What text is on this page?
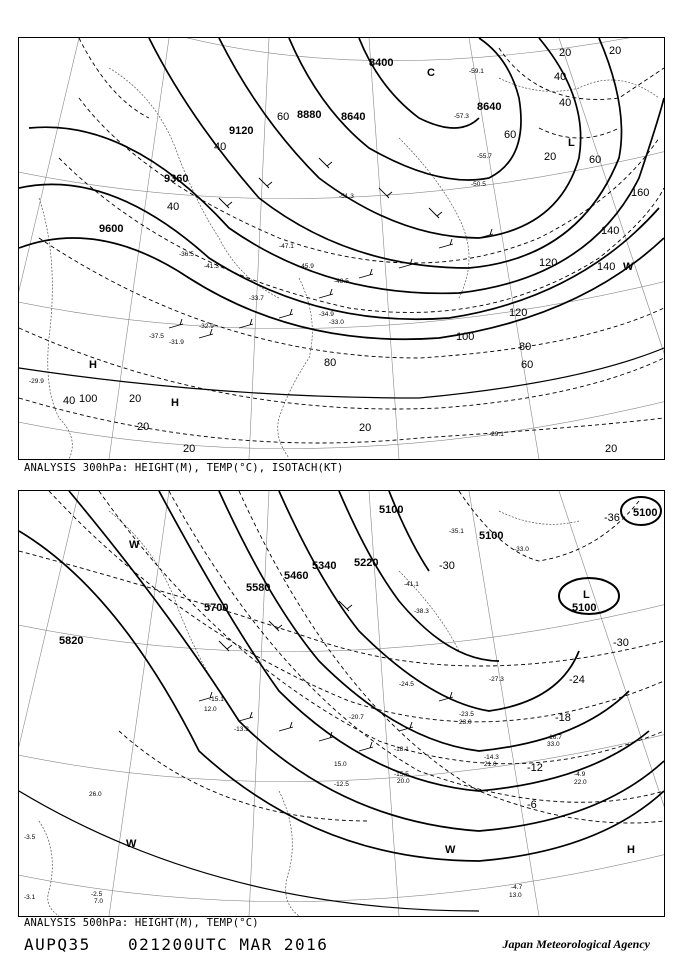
8400
8640
8880 8640
9120
9360
9600
20
40
60
40
20	60
40
60
80
100
120
140
160
140
120
100
80
60
40	20
20
20
20
20
20
40
H
H
L
W
C
-29.9
-31.9
-32.9
-34.9
-33.7
-36.5
-45.9
-48.5
-51.3
-50.5
-55.7
-57.3
-59.1
-29.1
-33.0
-37.5
-41.3
-47.1
ANALYSIS 300hPa: HEIGHT(M), TEMP(°C), ISOTACH(KT)
5100
5220
5340
5460
5580
5700
5820
5100
5100
5100
-30
-24
-18
-12
-6
-36
-30
L
W
W
W	H
-15.1
-13.3
-12.5
-15.5
-18.1
-14.3
-16.7
-20.7	-23.5
-27.3
-24.5
-33.0
-38.3
-35.1
-41.1
-4.7
-4.9
-2.5
-3.5
-3.1
12.0
15.0
20.0
21.0
22.0
23.0
26.0
33.0
13.0
7.0
ANALYSIS 500hPa: HEIGHT(M), TEMP(°C)
AUPQ35 021200UTC MAR 2016	Japan Meteorological Agency
